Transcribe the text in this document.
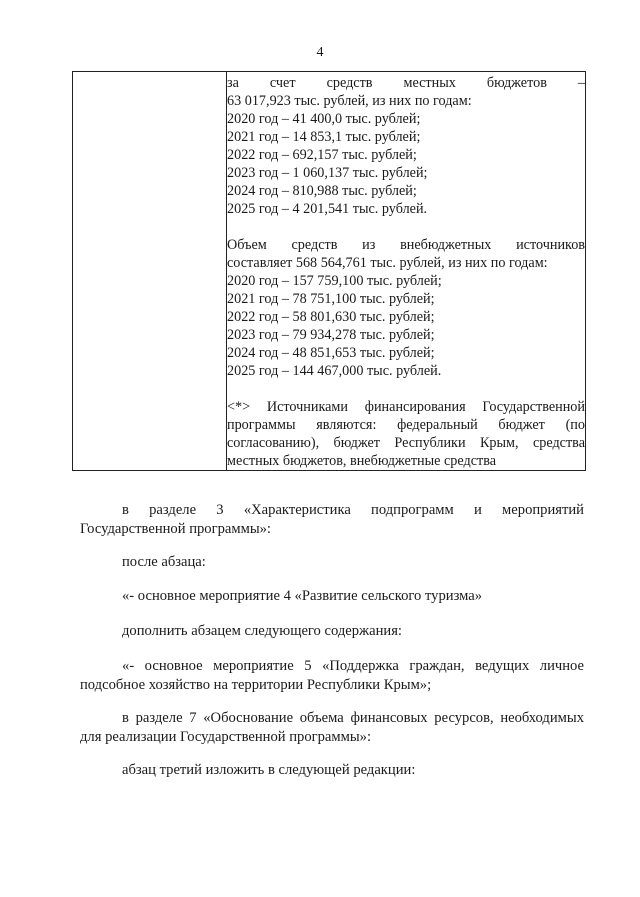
4

за счет средств местных бюджетов –
63 017,923 тыс. рублей, из них по годам:
2020 год – 41 400,0 тыс. рублей;
2021 год – 14 853,1 тыс. рублей;
2022 год – 692,157 тыс. рублей;
2023 год – 1 060,137 тыс. рублей;
2024 год – 810,988 тыс. рублей;
2025 год – 4 201,541 тыс. рублей.
Объем средств из внебюджетных источников
составляет 568 564,761 тыс. рублей, из них по годам:
2020 год – 157 759,100 тыс. рублей;
2021 год – 78 751,100 тыс. рублей;
2022 год – 58 801,630 тыс. рублей;
2023 год – 79 934,278 тыс. рублей;
2024 год – 48 851,653 тыс. рублей;
2025 год – 144 467,000 тыс. рублей.
<*> Источниками финансирования Государственной
программы являются: федеральный бюджет (по
согласованию), бюджет Республики Крым, средства
местных бюджетов, внебюджетные средства
в разделе 3 «Характеристика подпрограмм и мероприятий
Государственной программы»:

после абзаца:

«- основное мероприятие 4 «Развитие сельского туризма»

дополнить абзацем следующего содержания:

«- основное мероприятие 5 «Поддержка граждан, ведущих личное
подсобное хозяйство на территории Республики Крым»;
в разделе 7 «Обоснование объема финансовых ресурсов, необходимых
для реализации Государственной программы»:

абзац третий изложить в следующей редакции:
